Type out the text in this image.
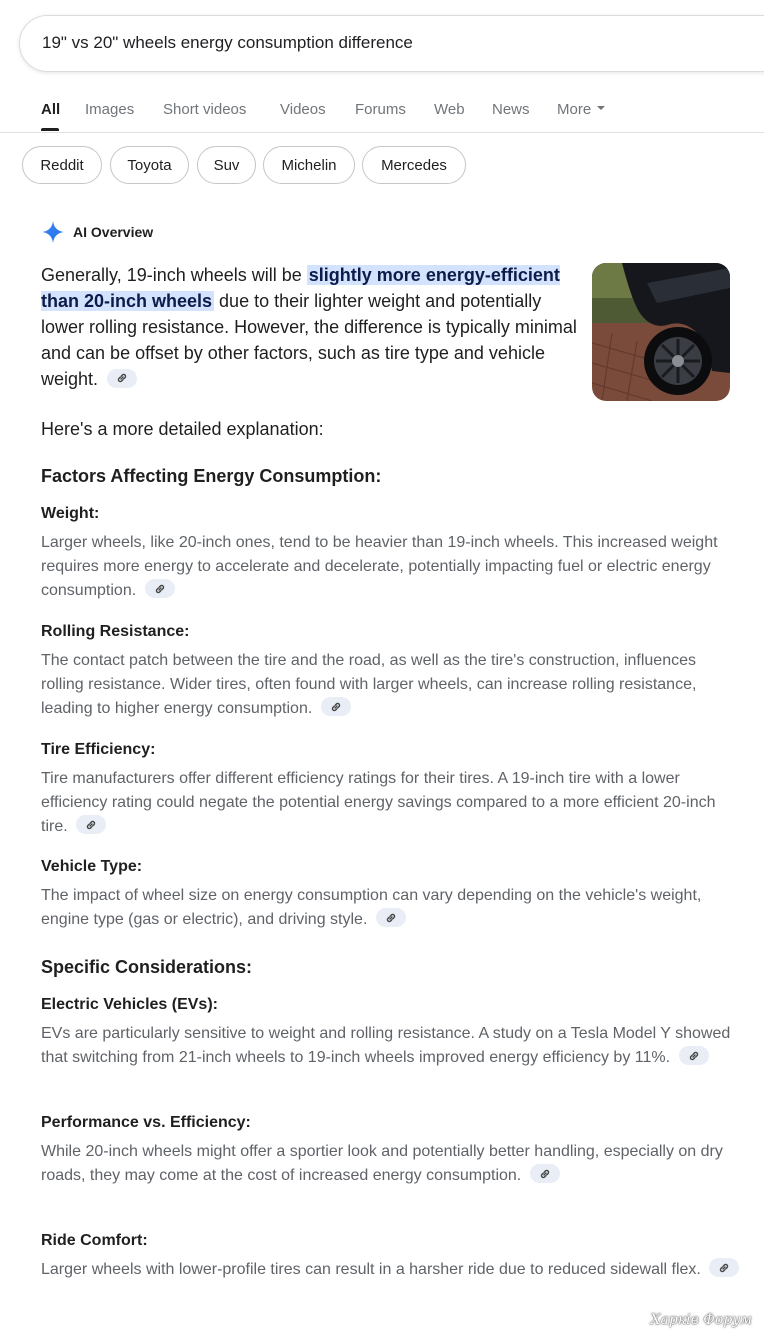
19" vs 20" wheels energy consumption difference
All Images Short videos Videos Forums Web News More
Reddit	Toyota	Suv	Michelin	Mercedes
AI Overview
Generally, 19-inch wheels will be slightly more energy-efficient than 20-inch wheels due to their lighter weight and potentially lower rolling resistance. However, the difference is typically minimal and can be offset by other factors, such as tire type and vehicle weight.
Here's a more detailed explanation:
Factors Affecting Energy Consumption:
Weight:
Larger wheels, like 20-inch ones, tend to be heavier than 19-inch wheels. This increased weight requires more energy to accelerate and decelerate, potentially impacting fuel or electric energy consumption.
Rolling Resistance:
The contact patch between the tire and the road, as well as the tire's construction, influences rolling resistance. Wider tires, often found with larger wheels, can increase rolling resistance, leading to higher energy consumption.
Tire Efficiency:
Tire manufacturers offer different efficiency ratings for their tires. A 19-inch tire with a lower efficiency rating could negate the potential energy savings compared to a more efficient 20-inch tire.
Vehicle Type:
The impact of wheel size on energy consumption can vary depending on the vehicle's weight, engine type (gas or electric), and driving style.
Specific Considerations:
Electric Vehicles (EVs):
EVs are particularly sensitive to weight and rolling resistance. A study on a Tesla Model Y showed that switching from 21-inch wheels to 19-inch wheels improved energy efficiency by 11%.
Performance vs. Efficiency:
While 20-inch wheels might offer a sportier look and potentially better handling, especially on dry roads, they may come at the cost of increased energy consumption.
Ride Comfort:
Larger wheels with lower-profile tires can result in a harsher ride due to reduced sidewall flex.
Харків Форум
